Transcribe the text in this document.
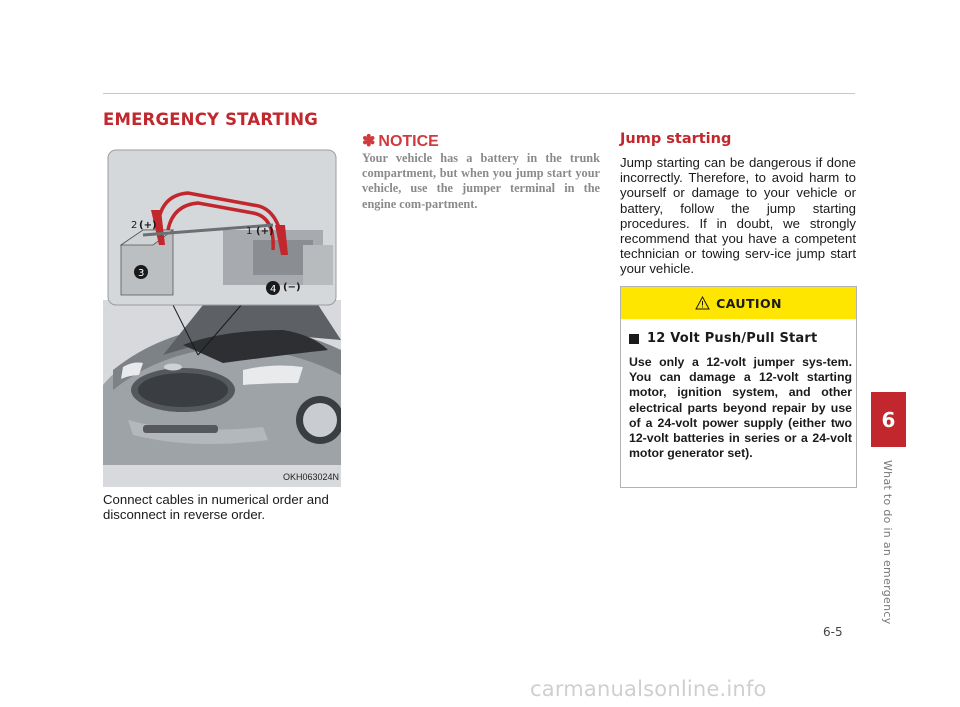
EMERGENCY STARTING
2 (+)
1 (+)
3
4 (−)
OKH063024N
Connect cables in numerical order and disconnect in reverse order.
✽ NOTICE
Your vehicle has a battery in the trunk compartment, but when you jump start your vehicle, use the jumper terminal in the engine com-partment.
Jump starting
Jump starting can be dangerous if done incorrectly. Therefore, to avoid harm to yourself or damage to your vehicle or battery, follow the jump starting procedures. If in doubt, we strongly recommend that you have a competent technician or towing serv-ice jump start your vehicle.
CAUTION
12 Volt Push/Pull Start
Use only a 12-volt jumper sys-tem. You can damage a 12-volt starting motor, ignition system, and other electrical parts beyond repair by use of a 24-volt power supply (either two 12-volt batteries in series or a 24-volt motor generator set).
6
What to do in an emergency
6-5
carmanualsonline.info
